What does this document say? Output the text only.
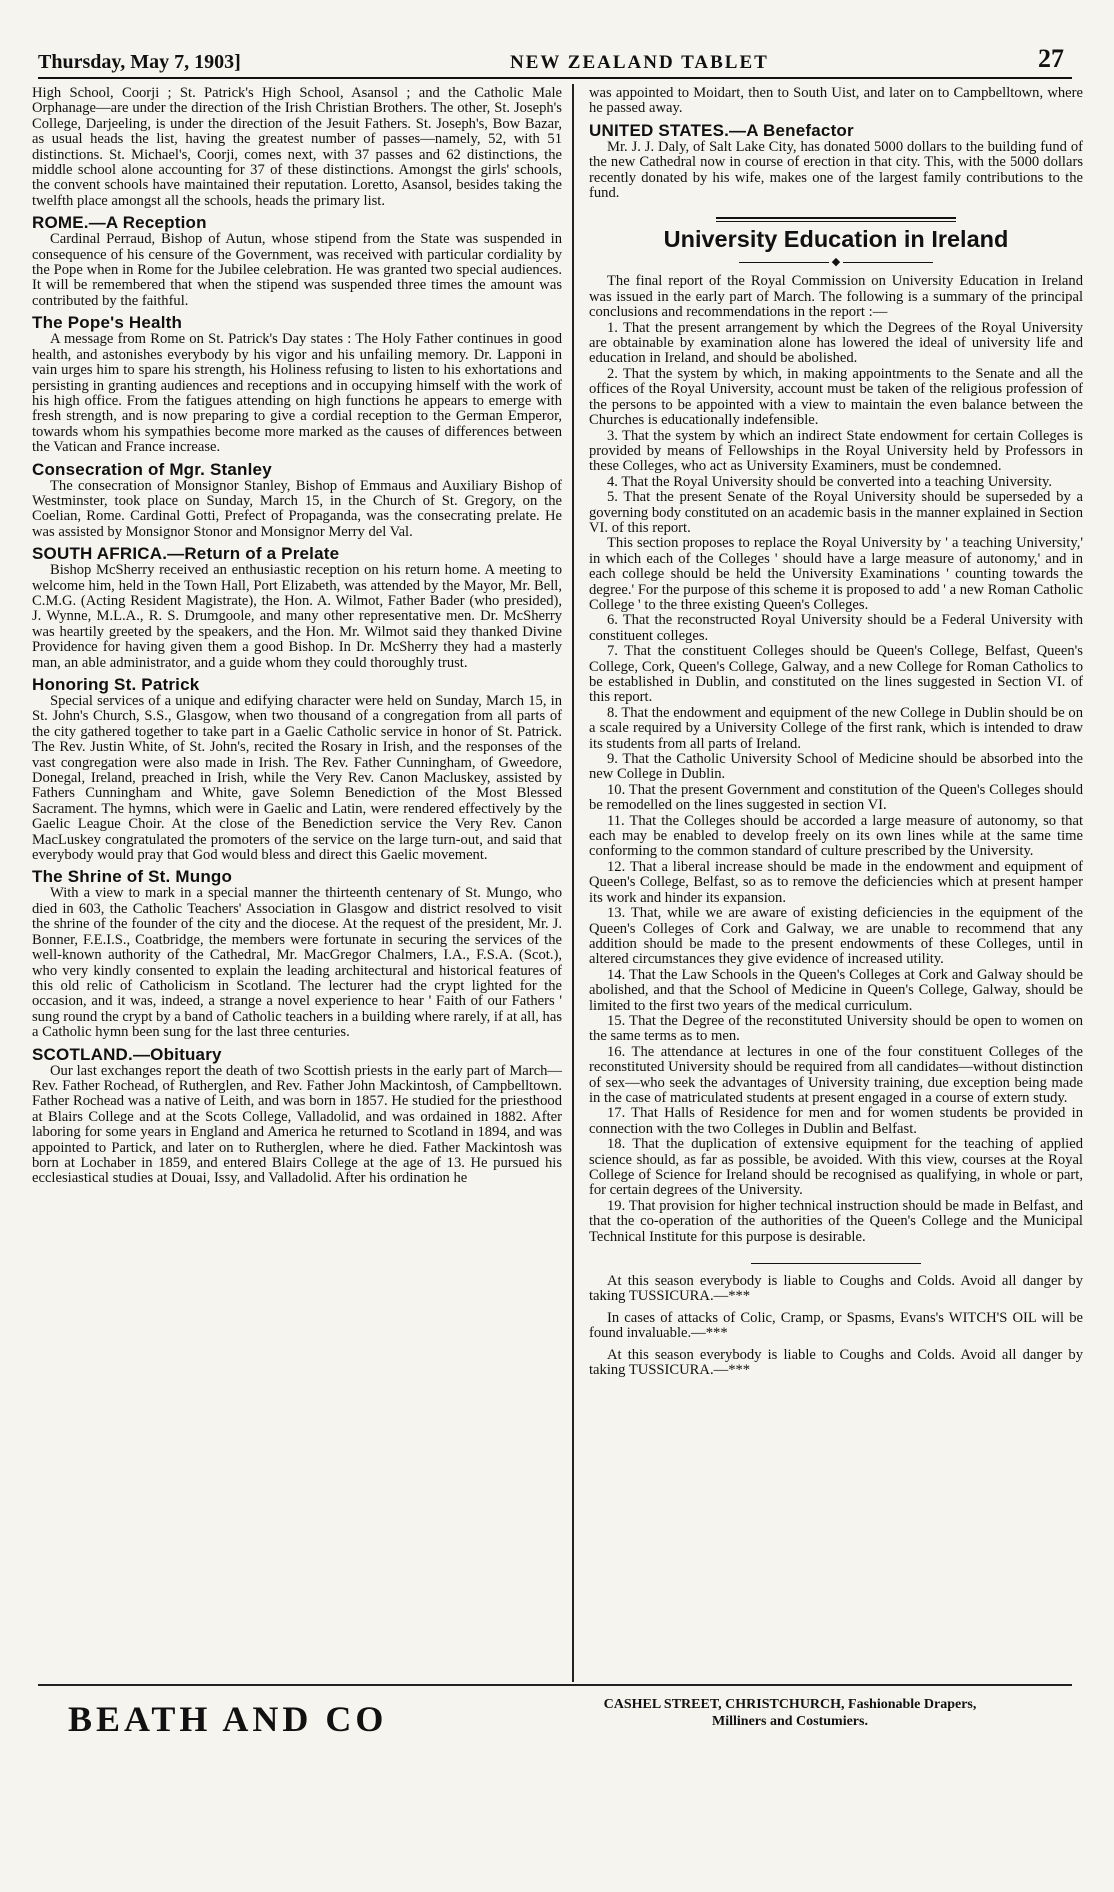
Thursday, May 7, 1903]	NEW ZEALAND TABLET	27

High School, Coorji ; St. Patrick's High School, Asansol ; and the Catholic Male Orphanage—are under the direction of the Irish Christian Brothers. The other, St. Joseph's College, Darjeeling, is under the direction of the Jesuit Fathers. St. Joseph's, Bow Bazar, as usual heads the list, having the greatest number of passes—namely, 52, with 51 distinctions. St. Michael's, Coorji, comes next, with 37 passes and 62 distinctions, the middle school alone accounting for 37 of these distinctions. Amongst the girls' schools, the convent schools have maintained their reputation. Loretto, Asansol, besides taking the twelfth place amongst all the schools, heads the primary list.

ROME.—A Reception

Cardinal Perraud, Bishop of Autun, whose stipend from the State was suspended in consequence of his censure of the Government, was received with particular cordiality by the Pope when in Rome for the Jubilee celebration. He was granted two special audiences. It will be remembered that when the stipend was suspended three times the amount was contributed by the faithful.

The Pope's Health

A message from Rome on St. Patrick's Day states : The Holy Father continues in good health, and astonishes everybody by his vigor and his unfailing memory. Dr. Lapponi in vain urges him to spare his strength, his Holiness refusing to listen to his exhortations and persisting in granting audiences and receptions and in occupying himself with the work of his high office. From the fatigues attending on high functions he appears to emerge with fresh strength, and is now preparing to give a cordial reception to the German Emperor, towards whom his sympathies become more marked as the causes of differences between the Vatican and France increase.

Consecration of Mgr. Stanley

The consecration of Monsignor Stanley, Bishop of Emmaus and Auxiliary Bishop of Westminster, took place on Sunday, March 15, in the Church of St. Gregory, on the Coelian, Rome. Cardinal Gotti, Prefect of Propaganda, was the consecrating prelate. He was assisted by Monsignor Stonor and Monsignor Merry del Val.

SOUTH AFRICA.—Return of a Prelate

Bishop McSherry received an enthusiastic reception on his return home. A meeting to welcome him, held in the Town Hall, Port Elizabeth, was attended by the Mayor, Mr. Bell, C.M.G. (Acting Resident Magistrate), the Hon. A. Wilmot, Father Bader (who presided), J. Wynne, M.L.A., R. S. Drumgoole, and many other representative men. Dr. McSherry was heartily greeted by the speakers, and the Hon. Mr. Wilmot said they thanked Divine Providence for having given them a good Bishop. In Dr. McSherry they had a masterly man, an able administrator, and a guide whom they could thoroughly trust.

Honoring St. Patrick

Special services of a unique and edifying character were held on Sunday, March 15, in St. John's Church, S.S., Glasgow, when two thousand of a congregation from all parts of the city gathered together to take part in a Gaelic Catholic service in honor of St. Patrick. The Rev. Justin White, of St. John's, recited the Rosary in Irish, and the responses of the vast congregation were also made in Irish. The Rev. Father Cunningham, of Gweedore, Donegal, Ireland, preached in Irish, while the Very Rev. Canon Macluskey, assisted by Fathers Cunningham and White, gave Solemn Benediction of the Most Blessed Sacrament. The hymns, which were in Gaelic and Latin, were rendered effectively by the Gaelic League Choir. At the close of the Benediction service the Very Rev. Canon MacLuskey congratulated the promoters of the service on the large turn-out, and said that everybody would pray that God would bless and direct this Gaelic movement.

The Shrine of St. Mungo

With a view to mark in a special manner the thirteenth centenary of St. Mungo, who died in 603, the Catholic Teachers' Association in Glasgow and district resolved to visit the shrine of the founder of the city and the diocese. At the request of the president, Mr. J. Bonner, F.E.I.S., Coatbridge, the members were fortunate in securing the services of the well-known authority of the Cathedral, Mr. MacGregor Chalmers, I.A., F.S.A. (Scot.), who very kindly consented to explain the leading architectural and historical features of this old relic of Catholicism in Scotland. The lecturer had the crypt lighted for the occasion, and it was, indeed, a strange a novel experience to hear ' Faith of our Fathers ' sung round the crypt by a band of Catholic teachers in a building where rarely, if at all, has a Catholic hymn been sung for the last three centuries.

SCOTLAND.—Obituary

Our last exchanges report the death of two Scottish priests in the early part of March—Rev. Father Rochead, of Rutherglen, and Rev. Father John Mackintosh, of Campbelltown. Father Rochead was a native of Leith, and was born in 1857. He studied for the priesthood at Blairs College and at the Scots College, Valladolid, and was ordained in 1882. After laboring for some years in England and America he returned to Scotland in 1894, and was appointed to Partick, and later on to Rutherglen, where he died. Father Mackintosh was born at Lochaber in 1859, and entered Blairs College at the age of 13. He pursued his ecclesiastical studies at Douai, Issy, and Valladolid. After his ordination he

was appointed to Moidart, then to South Uist, and later on to Campbelltown, where he passed away.

UNITED STATES.—A Benefactor

Mr. J. J. Daly, of Salt Lake City, has donated 5000 dollars to the building fund of the new Cathedral now in course of erection in that city. This, with the 5000 dollars recently donated by his wife, makes one of the largest family contributions to the fund.

University Education in Ireland
◆

The final report of the Royal Commission on University Education in Ireland was issued in the early part of March. The following is a summary of the principal conclusions and recommendations in the report :—

1. That the present arrangement by which the Degrees of the Royal University are obtainable by examination alone has lowered the ideal of university life and education in Ireland, and should be abolished.

2. That the system by which, in making appointments to the Senate and all the offices of the Royal University, account must be taken of the religious profession of the persons to be appointed with a view to maintain the even balance between the Churches is educationally indefensible.

3. That the system by which an indirect State endowment for certain Colleges is provided by means of Fellowships in the Royal University held by Professors in these Colleges, who act as University Examiners, must be condemned.

4. That the Royal University should be converted into a teaching University.

5. That the present Senate of the Royal University should be superseded by a governing body constituted on an academic basis in the manner explained in Section VI. of this report.

This section proposes to replace the Royal University by ' a teaching University,' in which each of the Colleges ' should have a large measure of autonomy,' and in each college should be held the University Examinations ' counting towards the degree.' For the purpose of this scheme it is proposed to add ' a new Roman Catholic College ' to the three existing Queen's Colleges.

6. That the reconstructed Royal University should be a Federal University with constituent colleges.

7. That the constituent Colleges should be Queen's College, Belfast, Queen's College, Cork, Queen's College, Galway, and a new College for Roman Catholics to be established in Dublin, and constituted on the lines suggested in Section VI. of this report.

8. That the endowment and equipment of the new College in Dublin should be on a scale required by a University College of the first rank, which is intended to draw its students from all parts of Ireland.

9. That the Catholic University School of Medicine should be absorbed into the new College in Dublin.

10. That the present Government and constitution of the Queen's Colleges should be remodelled on the lines suggested in section VI.

11. That the Colleges should be accorded a large measure of autonomy, so that each may be enabled to develop freely on its own lines while at the same time conforming to the common standard of culture prescribed by the University.

12. That a liberal increase should be made in the endowment and equipment of Queen's College, Belfast, so as to remove the deficiencies which at present hamper its work and hinder its expansion.

13. That, while we are aware of existing deficiencies in the equipment of the Queen's Colleges of Cork and Galway, we are unable to recommend that any addition should be made to the present endowments of these Colleges, until in altered circumstances they give evidence of increased utility.

14. That the Law Schools in the Queen's Colleges at Cork and Galway should be abolished, and that the School of Medicine in Queen's College, Galway, should be limited to the first two years of the medical curriculum.

15. That the Degree of the reconstituted University should be open to women on the same terms as to men.

16. The attendance at lectures in one of the four constituent Colleges of the reconstituted University should be required from all candidates—without distinction of sex—who seek the advantages of University training, due exception being made in the case of matriculated students at present engaged in a course of extern study.

17. That Halls of Residence for men and for women students be provided in connection with the two Colleges in Dublin and Belfast.

18. That the duplication of extensive equipment for the teaching of applied science should, as far as possible, be avoided. With this view, courses at the Royal College of Science for Ireland should be recognised as qualifying, in whole or part, for certain degrees of the University.

19. That provision for higher technical instruction should be made in Belfast, and that the co-operation of the authorities of the Queen's College and the Municipal Technical Institute for this purpose is desirable.

At this season everybody is liable to Coughs and Colds. Avoid all danger by taking TUSSICURA.—***

In cases of attacks of Colic, Cramp, or Spasms, Evans's WITCH'S OIL will be found invaluable.—***

At this season everybody is liable to Coughs and Colds. Avoid all danger by taking TUSSICURA.—***

BEATH AND CO	CASHEL STREET, CHRISTCHURCH, Fashionable Drapers,
Milliners and Costumiers.
